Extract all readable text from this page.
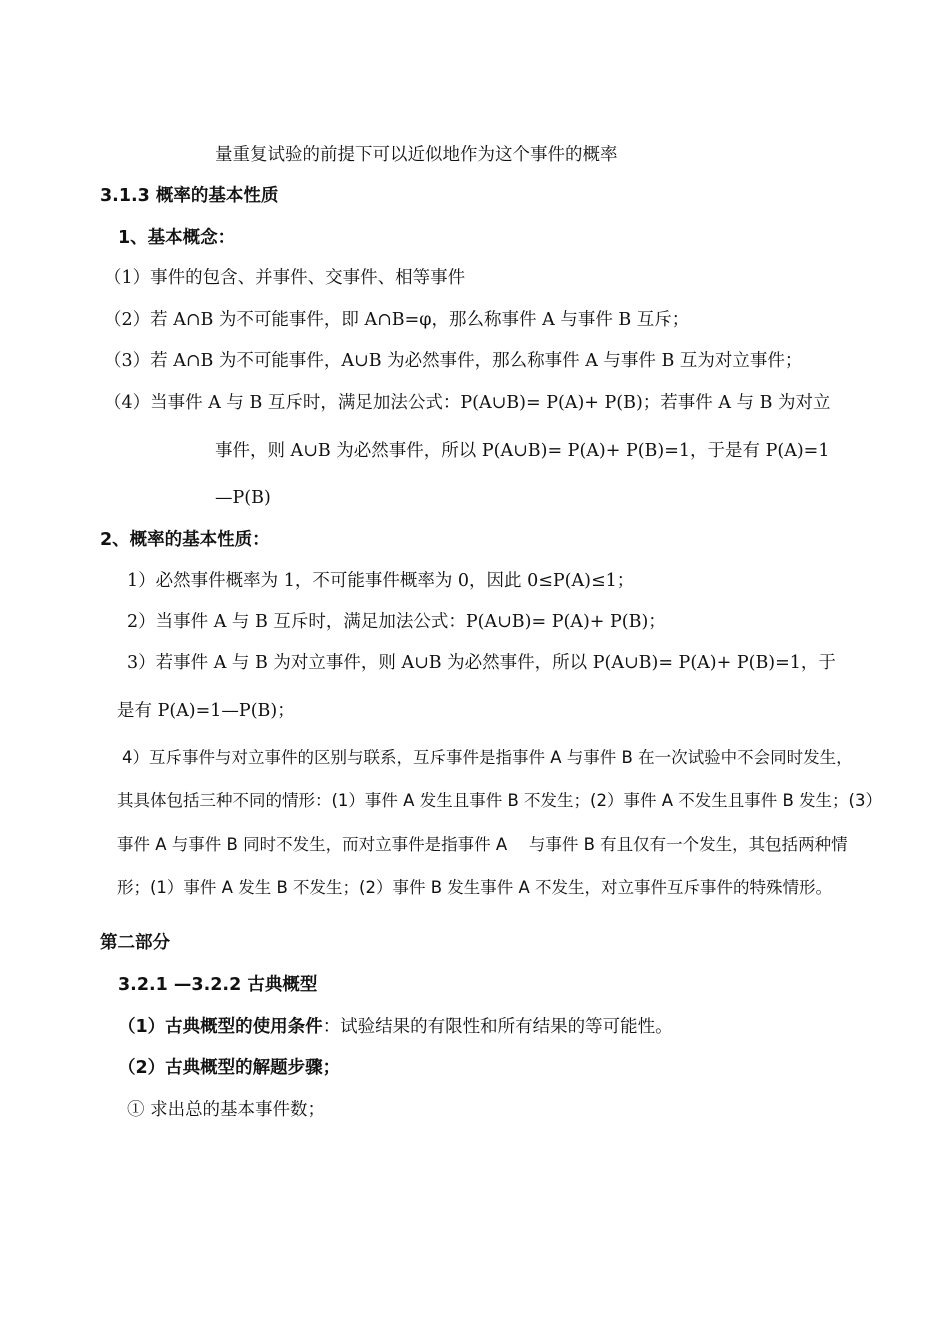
量重复试验的前提下可以近似地作为这个事件的概率
3.1.3 概率的基本性质
1、基本概念：
（1）事件的包含、并事件、交事件、相等事件
（2）若 A∩B 为不可能事件，即 A∩B=φ，那么称事件 A 与事件 B 互斥；
（3）若 A∩B 为不可能事件，A∪B 为必然事件，那么称事件 A 与事件 B 互为对立事件；
（4）当事件 A 与 B 互斥时，满足加法公式：P(A∪B)= P(A)+ P(B)；若事件 A 与 B 为对立
事件，则 A∪B 为必然事件，所以 P(A∪B)= P(A)+ P(B)=1，于是有 P(A)=1
—P(B)
2、概率的基本性质：
1）必然事件概率为 1，不可能事件概率为 0，因此 0≤P(A)≤1；
2）当事件 A 与 B 互斥时，满足加法公式：P(A∪B)= P(A)+ P(B)；
3）若事件 A 与 B 为对立事件，则 A∪B 为必然事件，所以 P(A∪B)= P(A)+ P(B)=1，于
是有 P(A)=1—P(B)；
4）互斥事件与对立事件的区别与联系，互斥事件是指事件 A 与事件 B 在一次试验中不会同时发生，
其具体包括三种不同的情形：(1）事件 A 发生且事件 B 不发生；(2）事件 A 不发生且事件 B 发生；(3）
事件 A 与事件 B 同时不发生，而对立事件是指事件 A　 与事件 B 有且仅有一个发生，其包括两种情
形；(1）事件 A 发生 B 不发生；(2）事件 B 发生事件 A 不发生，对立事件互斥事件的特殊情形。
第二部分
3.2.1 —3.2.2 古典概型
（1）古典概型的使用条件：试验结果的有限性和所有结果的等可能性。
（2）古典概型的解题步骤；
① 求出总的基本事件数；
